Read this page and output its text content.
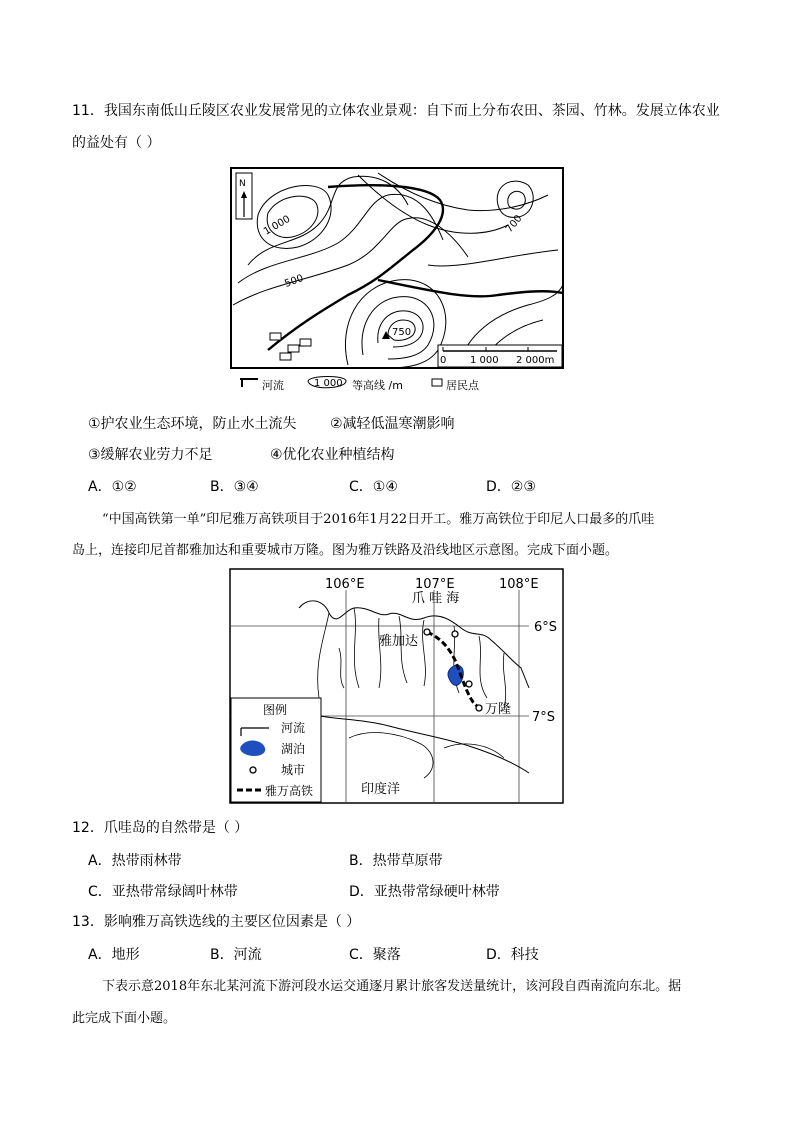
11．我国东南低山丘陵区农业发展常见的立体农业景观：自下而上分布农田、茶园、竹林。发展立体农业
的益处有（ ）
N
1 000
500
700
750
0 1 000 2 000m
河流	1 000 等高线 /m	居民点
①护农业生态环境，防止水土流失 ②减轻低温寒潮影响
③缓解农业劳力不足	④优化农业种植结构
A．①②	B．③④	C．①④	D．②③
“中国高铁第一单”印尼雅万高铁项目于2016年1月22日开工。雅万高铁位于印尼人口最多的爪哇
岛上，连接印尼首都雅加达和重要城市万隆。图为雅万铁路及沿线地区示意图。完成下面小题。
106°E	107°E	108°E
6°S
7°S
爪 哇 海
雅加达
万隆
印度洋
图例
河流
湖泊
城市
雅万高铁
12．爪哇岛的自然带是（ ）
A．热带雨林带	B．热带草原带
C．亚热带常绿阔叶林带	D．亚热带常绿硬叶林带
13．影响雅万高铁选线的主要区位因素是（ ）
A．地形	B．河流	C．聚落	D．科技
下表示意2018年东北某河流下游河段水运交通逐月累计旅客发送量统计，该河段自西南流向东北。据
此完成下面小题。
